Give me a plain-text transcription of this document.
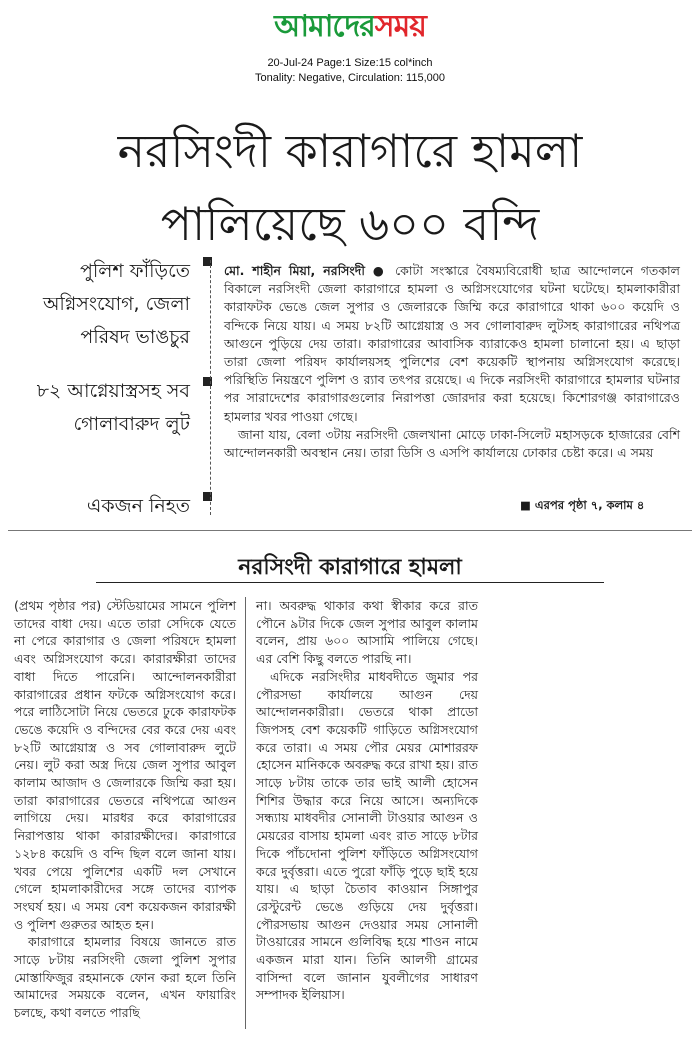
আমাদেরসময়
20-Jul-24 Page:1 Size:15 col*inch
Tonality: Negative, Circulation: 115,000
নরসিংদী কারাগারে হামলা
পালিয়েছে ৬০০ বন্দি
পুলিশ ফাঁড়িতে অগ্নিসংযোগ, জেলা পরিষদ ভাঙচুর
৮২ আগ্নেয়াস্ত্রসহ সব গোলাবারুদ লুট
একজন নিহত
মো. শাহীন মিয়া, নরসিংদী ● কোটা সংস্কারে বৈষম্যবিরোধী ছাত্র আন্দোলনে গতকাল বিকালে নরসিংদী জেলা কারাগারে হামলা ও অগ্নিসংযোগের ঘটনা ঘটেছে। হামলাকারীরা কারাফটক ভেঙে জেল সুপার ও জেলারকে জিম্মি করে কারাগারে থাকা ৬০০ কয়েদি ও বন্দিকে নিয়ে যায়। এ সময় ৮২টি আগ্নেয়াস্ত্র ও সব গোলাবারুদ লুটসহ কারাগারের নথিপত্র আগুনে পুড়িয়ে দেয় তারা। কারাগারের আবাসিক ব্যারাকেও হামলা চালানো হয়। এ ছাড়া তারা জেলা পরিষদ কার্যালয়সহ পুলিশের বেশ কয়েকটি স্থাপনায় অগ্নিসংযোগ করেছে। পরিস্থিতি নিয়ন্ত্রণে পুলিশ ও র‍্যাব তৎপর রয়েছে। এ দিকে নরসিংদী কারাগারে হামলার ঘটনার পর সারাদেশের কারাগারগুলোর নিরাপত্তা জোরদার করা হয়েছে। কিশোরগঞ্জ কারাগারেও হামলার খবর পাওয়া গেছে।
জানা যায়, বেলা ৩টায় নরসিংদী জেলখানা মোড়ে ঢাকা-সিলেট মহাসড়কে হাজারের বেশি আন্দোলনকারী অবস্থান নেয়। তারা ডিসি ও এসপি কার্যালয়ে ঢোকার চেষ্টা করে। এ সময়
■ এরপর পৃষ্ঠা ৭, কলাম ৪
নরসিংদী কারাগারে হামলা

(প্রথম পৃষ্ঠার পর) স্টেডিয়ামের সামনে পুলিশ তাদের বাধা দেয়। এতে তারা সেদিকে যেতে না পেরে কারাগার ও জেলা পরিষদে হামলা এবং অগ্নিসংযোগ করে। কারারক্ষীরা তাদের বাধা দিতে পারেনি। আন্দোলনকারীরা কারাগারের প্রধান ফটকে অগ্নিসংযোগ করে। পরে লাঠিসোটা নিয়ে ভেতরে ঢুকে কারাফটক ভেঙে কয়েদি ও বন্দিদের বের করে দেয় এবং ৮২টি আগ্নেয়াস্ত্র ও সব গোলাবারুদ লুটে নেয়। লুট করা অস্ত্র দিয়ে জেল সুপার আবুল কালাম আজাদ ও জেলারকে জিম্মি করা হয়। তারা কারাগারের ভেতরে নথিপত্রে আগুন লাগিয়ে দেয়। মারধর করে কারাগারের নিরাপত্তায় থাকা কারারক্ষীদের। কারাগারে ১২৮৪ কয়েদি ও বন্দি ছিল বলে জানা যায়। খবর পেয়ে পুলিশের একটি দল সেখানে গেলে হামলাকারীদের সঙ্গে তাদের ব্যাপক সংঘর্ষ হয়। এ সময় বেশ কয়েকজন কারারক্ষী ও পুলিশ গুরুতর আহত হন।

কারাগারে হামলার বিষয়ে জানতে রাত সাড়ে ৮টায় নরসিংদী জেলা পুলিশ সুপার মোস্তাফিজুর রহমানকে ফোন করা হলে তিনি আমাদের সময়কে বলেন, এখন ফায়ারিং চলছে, কথা বলতে পারছি

না। অবরুদ্ধ থাকার কথা স্বীকার করে রাত পৌনে ৯টার দিকে জেল সুপার আবুল কালাম বলেন, প্রায় ৬০০ আসামি পালিয়ে গেছে। এর বেশি কিছু বলতে পারছি না।

এদিকে নরসিংদীর মাধবদীতে জুমার পর পৌরসভা কার্যালয়ে আগুন দেয় আন্দোলনকারীরা। ভেতরে থাকা প্রাডো জিপসহ বেশ কয়েকটি গাড়িতে অগ্নিসংযোগ করে তারা। এ সময় পৌর মেয়র মোশাররফ হোসেন মানিককে অবরুদ্ধ করে রাখা হয়। রাত সাড়ে ৮টায় তাকে তার ভাই আলী হোসেন শিশির উদ্ধার করে নিয়ে আসে। অন্যদিকে সন্ধ্যায় মাধবদীর সোনালী টাওয়ার আগুন ও মেয়রের বাসায় হামলা এবং রাত সাড়ে ৮টার দিকে পাঁচদোনা পুলিশ ফাঁড়িতে অগ্নিসংযোগ করে দুর্বৃত্তরা। এতে পুরো ফাঁড়ি পুড়ে ছাই হয়ে যায়। এ ছাড়া চৈতাব কাওয়ান সিঙ্গাপুর রেস্টুরেন্ট ভেঙে গুড়িয়ে দেয় দুর্বৃত্তরা। পৌরসভায় আগুন দেওয়ার সময় সোনালী টাওয়ারের সামনে গুলিবিদ্ধ হয়ে শাওন নামে একজন মারা যান। তিনি আলগী গ্রামের বাসিন্দা বলে জানান যুবলীগের সাধারণ সম্পাদক ইলিয়াস।
